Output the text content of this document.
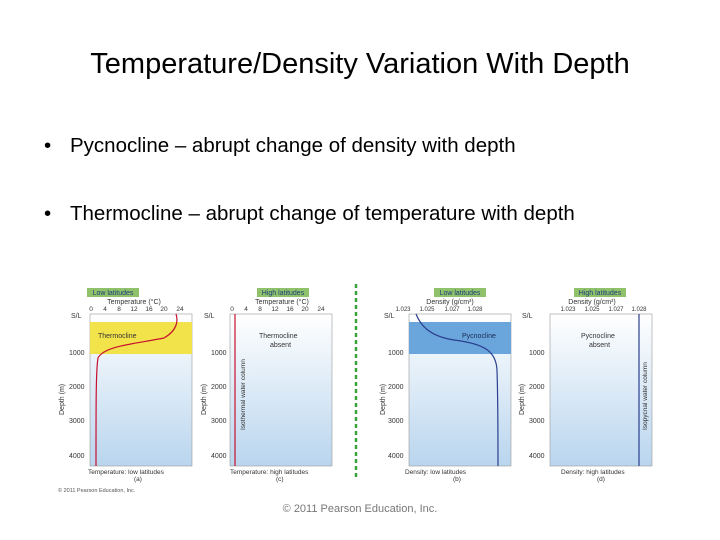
Temperature/Density Variation With Depth
• Pycnocline – abrupt change of density with depth
• Thermocline – abrupt change of temperature with depth
Low latitudes
Temperature (°C)
0 4 8 12 16 20 24
S/L
1000
2000
3000
4000
Depth (m)
Thermocline
Temperature: low latitudes
(a)
High latitudes
Temperature (°C)
0 4 8 12 16 20 24
S/L
1000
2000
3000
4000
Depth (m)
Thermocline
absent
Isothermal water column
Temperature: high latitudes
(c)
Low latitudes
Density (g/cm³)
1.023 1.025 1.027 1.028
S/L
1000
2000
3000
4000
Depth (m)
Pycnocline
Density: low latitudes
(b)
High latitudes
Density (g/cm³)
1.023 1.025 1.027 1.028
S/L
1000
2000
3000
4000
Depth (m)
Pycnocline
absent
Isopycnal water column
Density: high latitudes
(d)
© 2011 Pearson Education, Inc.
© 2011 Pearson Education, Inc.
